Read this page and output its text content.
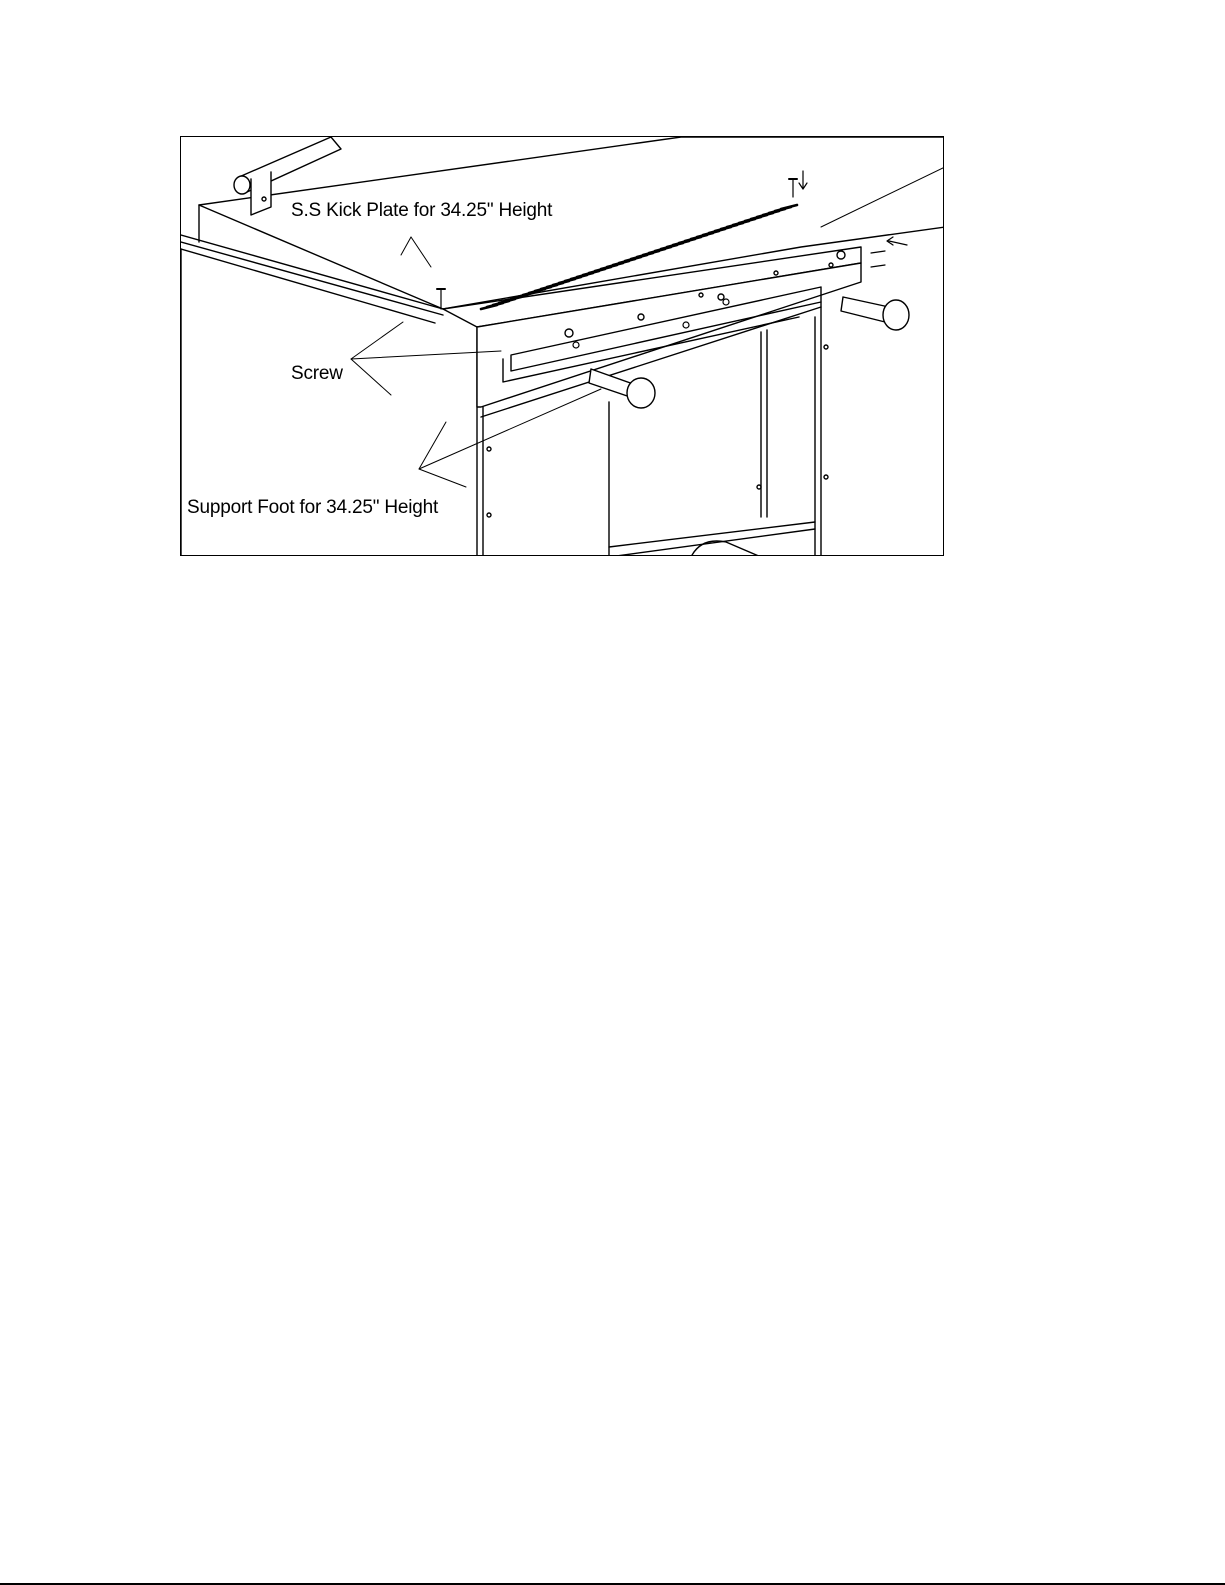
S.S Kick Plate for 34.25" Height
Screw
Support Foot for 34.25" Height
